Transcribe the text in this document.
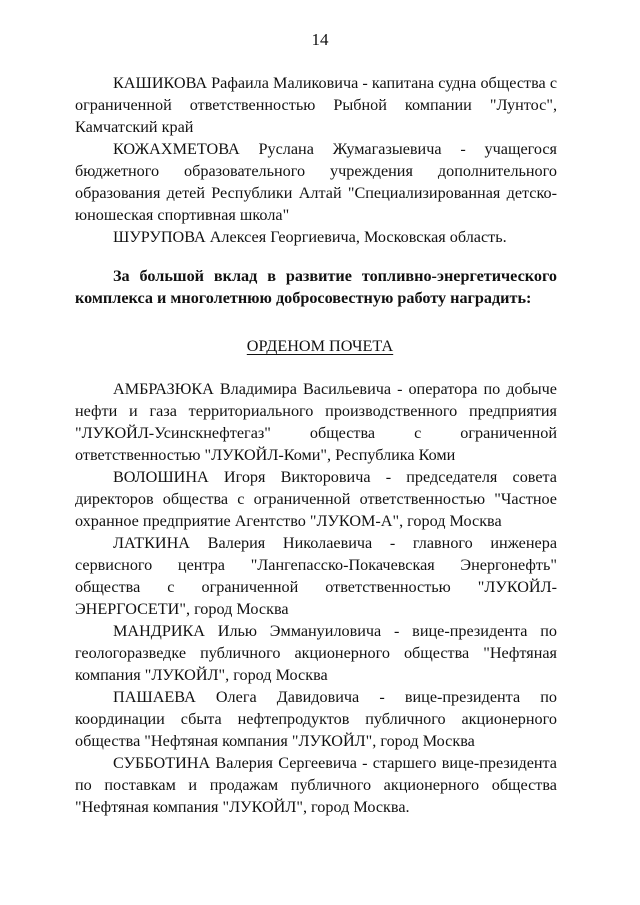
14

КАШИКОВА Рафаила Маликовича - капитана судна общества с ограниченной ответственностью Рыбной компании "Лунтос", Камчатский край

КОЖАХМЕТОВА Руслана Жумагазыевича - учащегося бюджетного образовательного учреждения дополнительного образования детей Республики Алтай "Специализированная детско-юношеская спортивная школа"

ШУРУПОВА Алексея Георгиевича, Московская область.

За большой вклад в развитие топливно-энергетического комплекса и многолетнюю добросовестную работу наградить:

ОРДЕНОМ ПОЧЕТА

АМБРАЗЮКА Владимира Васильевича - оператора по добыче нефти и газа территориального производственного предприятия "ЛУКОЙЛ-Усинскнефтегаз" общества с ограниченной ответственностью "ЛУКОЙЛ-Коми", Республика Коми

ВОЛОШИНА Игоря Викторовича - председателя совета директоров общества с ограниченной ответственностью "Частное охранное предприятие Агентство "ЛУКОМ-А", город Москва

ЛАТКИНА Валерия Николаевича - главного инженера сервисного центра "Лангепасско-Покачевская Энергонефть" общества с ограниченной ответственностью "ЛУКОЙЛ-ЭНЕРГОСЕТИ", город Москва

МАНДРИКА Илью Эммануиловича - вице-президента по геологоразведке публичного акционерного общества "Нефтяная компания "ЛУКОЙЛ", город Москва

ПАШАЕВА Олега Давидовича - вице-президента по координации сбыта нефтепродуктов публичного акционерного общества "Нефтяная компания "ЛУКОЙЛ", город Москва

СУББОТИНА Валерия Сергеевича - старшего вице-президента по поставкам и продажам публичного акционерного общества "Нефтяная компания "ЛУКОЙЛ", город Москва.
